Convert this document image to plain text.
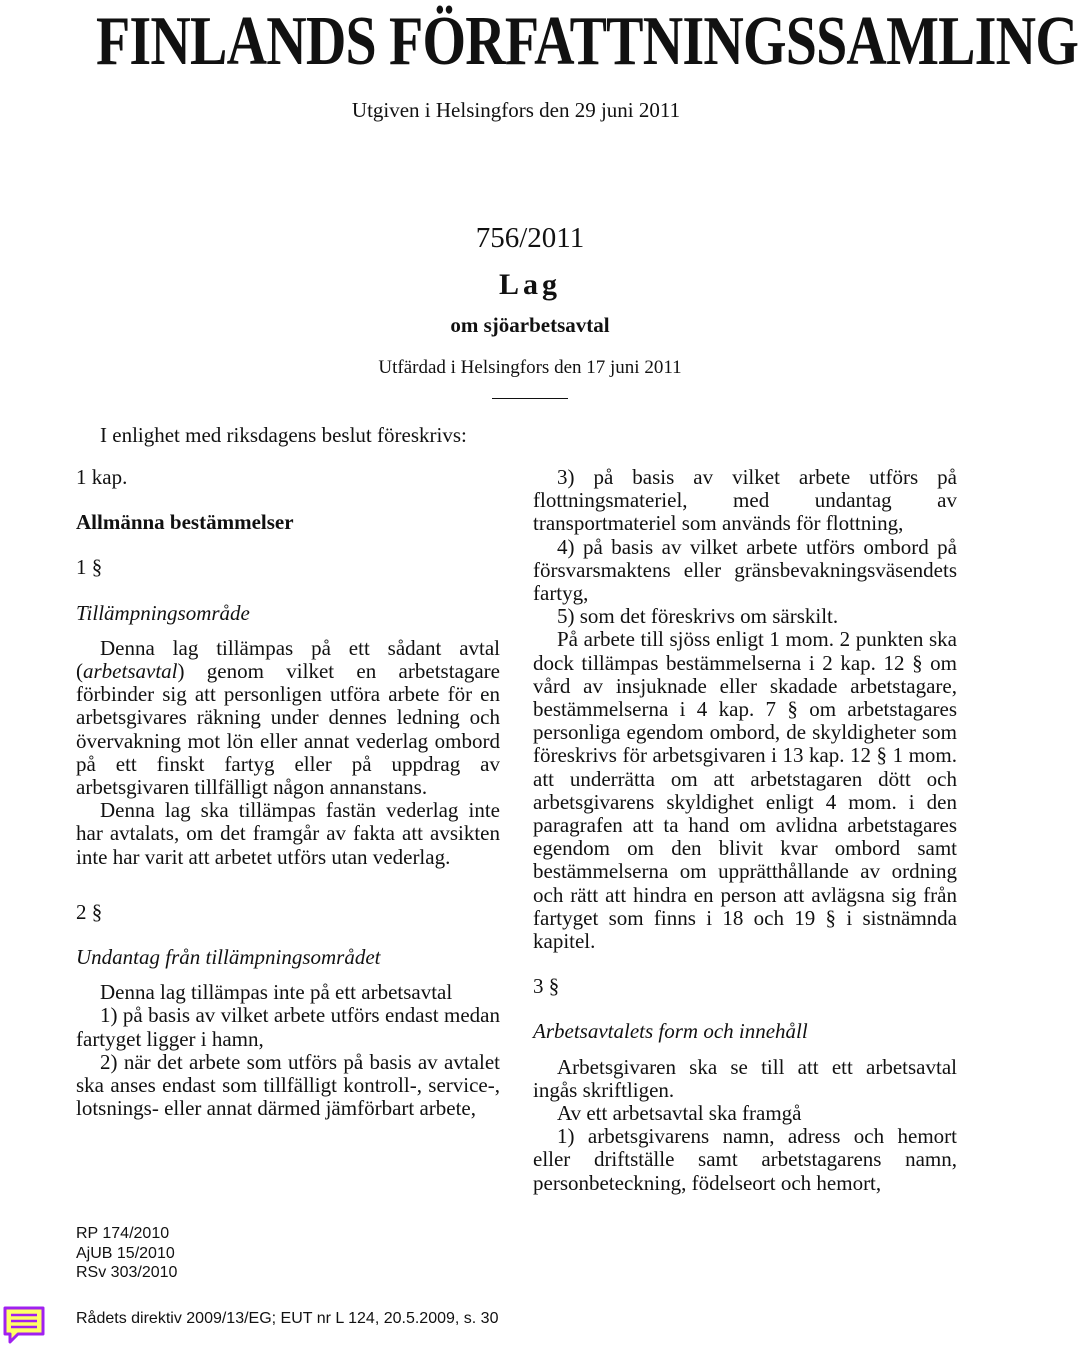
FINLANDS FÖRFATTNINGSSAMLING
Utgiven i Helsingfors den 29 juni 2011
756/2011
Lag
om sjöarbetsavtal
Utfärdad i Helsingfors den 17 juni 2011
I enlighet med riksdagens beslut föreskrivs:

1 kap.

Allmänna bestämmelser

1 §

Tillämpningsområde

Denna lag tillämpas på ett sådant avtal (arbetsavtal) genom vilket en arbetstagare förbinder sig att personligen utföra arbete för en arbetsgivares räkning under dennes ledning och övervakning mot lön eller annat vederlag ombord på ett finskt fartyg eller på uppdrag av arbetsgivaren tillfälligt någon annanstans.

Denna lag ska tillämpas fastän vederlag inte har avtalats, om det framgår av fakta att avsikten inte har varit att arbetet utförs utan vederlag.

2 §

Undantag från tillämpningsområdet

Denna lag tillämpas inte på ett arbetsavtal

1) på basis av vilket arbete utförs endast medan fartyget ligger i hamn,

2) när det arbete som utförs på basis av avtalet ska anses endast som tillfälligt kontroll-, service-, lotsnings- eller annat därmed jämförbart arbete,

3) på basis av vilket arbete utförs på flottningsmateriel, med undantag av transportmateriel som används för flottning,

4) på basis av vilket arbete utförs ombord på försvarsmaktens eller gränsbevakningsväsendets fartyg,

5) som det föreskrivs om särskilt.

På arbete till sjöss enligt 1 mom. 2 punkten ska dock tillämpas bestämmelserna i 2 kap. 12 § om vård av insjuknade eller skadade arbetstagare, bestämmelserna i 4 kap. 7 § om arbetstagares personliga egendom ombord, de skyldigheter som föreskrivs för arbetsgivaren i 13 kap. 12 § 1 mom. att underrätta om att arbetstagaren dött och arbetsgivarens skyldighet enligt 4 mom. i den paragrafen att ta hand om avlidna arbetstagares egendom om den blivit kvar ombord samt bestämmelserna om upprätthållande av ordning och rätt att hindra en person att avlägsna sig från fartyget som finns i 18 och 19 § i sistnämnda kapitel.

3 §

Arbetsavtalets form och innehåll

Arbetsgivaren ska se till att ett arbetsavtal ingås skriftligen.

Av ett arbetsavtal ska framgå

1) arbetsgivarens namn, adress och hemort eller driftställe samt arbetstagarens namn, personbeteckning, födelseort och hemort,

RP 174/2010
AjUB 15/2010
RSv 303/2010
Rådets direktiv 2009/13/EG; EUT nr L 124, 20.5.2009, s. 30
